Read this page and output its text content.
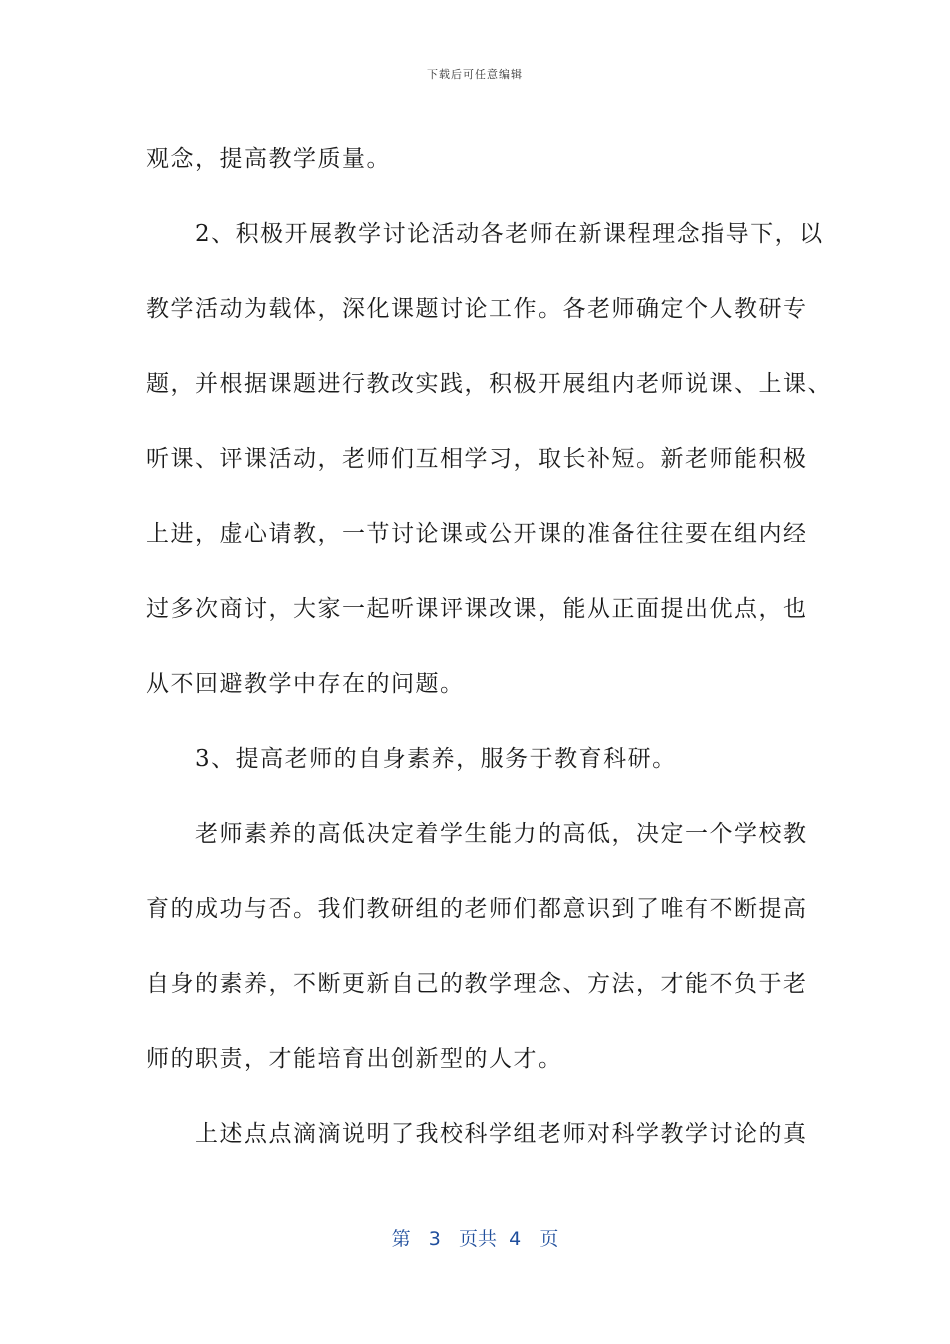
下载后可任意编辑
观念，提高教学质量。
　　2、积极开展教学讨论活动各老师在新课程理念指导下，以
教学活动为载体，深化课题讨论工作。各老师确定个人教研专
题，并根据课题进行教改实践，积极开展组内老师说课、上课、
听课、评课活动，老师们互相学习，取长补短。新老师能积极
上进，虚心请教，一节讨论课或公开课的准备往往要在组内经
过多次商讨，大家一起听课评课改课，能从正面提出优点，也
从不回避教学中存在的问题。
　　3、提高老师的自身素养，服务于教育科研。
　　老师素养的高低决定着学生能力的高低，决定一个学校教
育的成功与否。我们教研组的老师们都意识到了唯有不断提高
自身的素养，不断更新自己的教学理念、方法，才能不负于老
师的职责，才能培育出创新型的人才。
　　上述点点滴滴说明了我校科学组老师对科学教学讨论的真
第 3 页共 4 页
